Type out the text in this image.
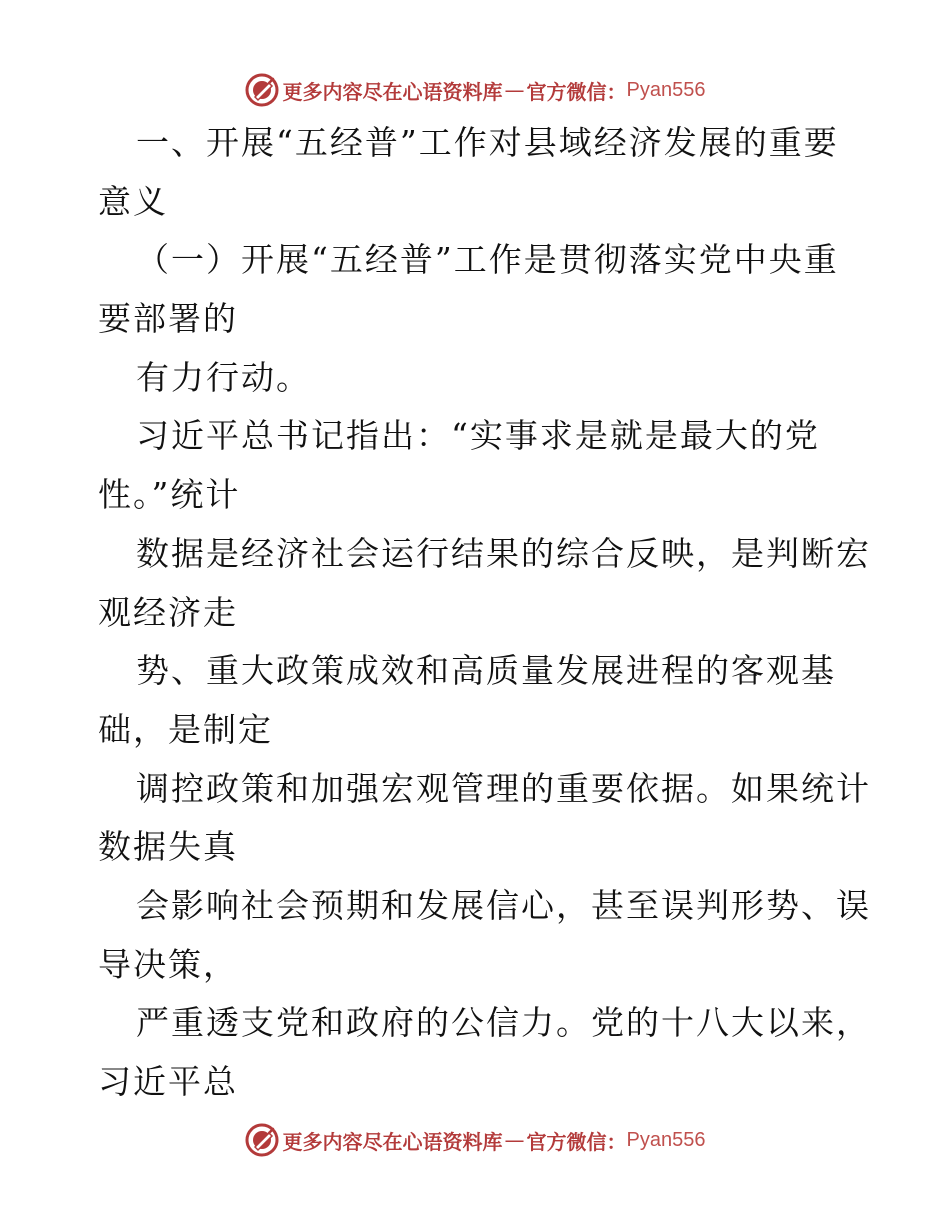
更多内容尽在心语资料库 — 官方微信： Pyan556
一、开展“五经普”工作对县域经济发展的重要
意义
（一）开展“五经普”工作是贯彻落实党中央重
要部署的
有力行动。
习近平总书记指出：“实事求是就是最大的党
性。”统计
数据是经济社会运行结果的综合反映，是判断宏
观经济走
势、重大政策成效和高质量发展进程的客观基
础，是制定
调控政策和加强宏观管理的重要依据。如果统计
数据失真
会影响社会预期和发展信心，甚至误判形势、误
导决策，
严重透支党和政府的公信力。党的十八大以来，
习近平总
更多内容尽在心语资料库 — 官方微信： Pyan556
